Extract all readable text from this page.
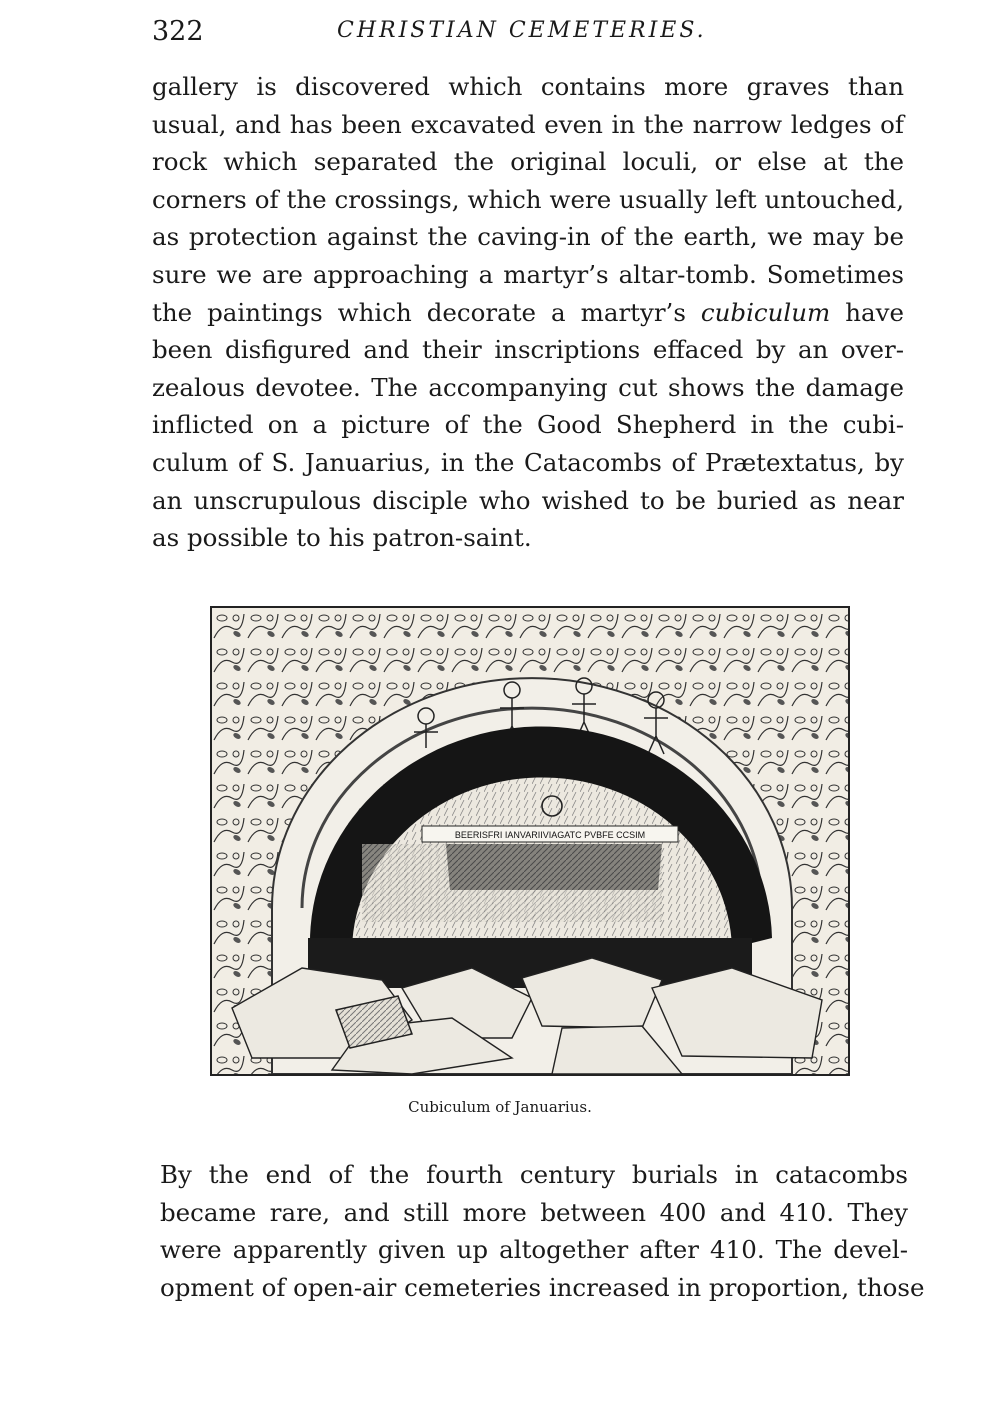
322	CHRISTIAN CEMETERIES.
gallery is discovered which contains more graves than
usual, and has been excavated even in the narrow ledges of
rock which separated the original loculi, or else at the
corners of the crossings, which were usually left untouched,
as protection against the caving-in of the earth, we may be
sure we are approaching a martyr’s altar-tomb. Sometimes
the paintings which decorate a martyr’s cubiculum have
been disfigured and their inscriptions effaced by an over-
zealous devotee. The accompanying cut shows the damage
inflicted on a picture of the Good Shepherd in the cubi-
culum of S. Januarius, in the Catacombs of Prætextatus, by
an unscrupulous disciple who wished to be buried as near
as possible to his patron-saint.
BEERISFRI IANVARIIVIAGATC PVBFE CCSIM
Cubiculum of Januarius.
By the end of the fourth century burials in catacombs
became rare, and still more between 400 and 410. They
were apparently given up altogether after 410. The devel-
opment of open-air cemeteries increased in proportion, those
